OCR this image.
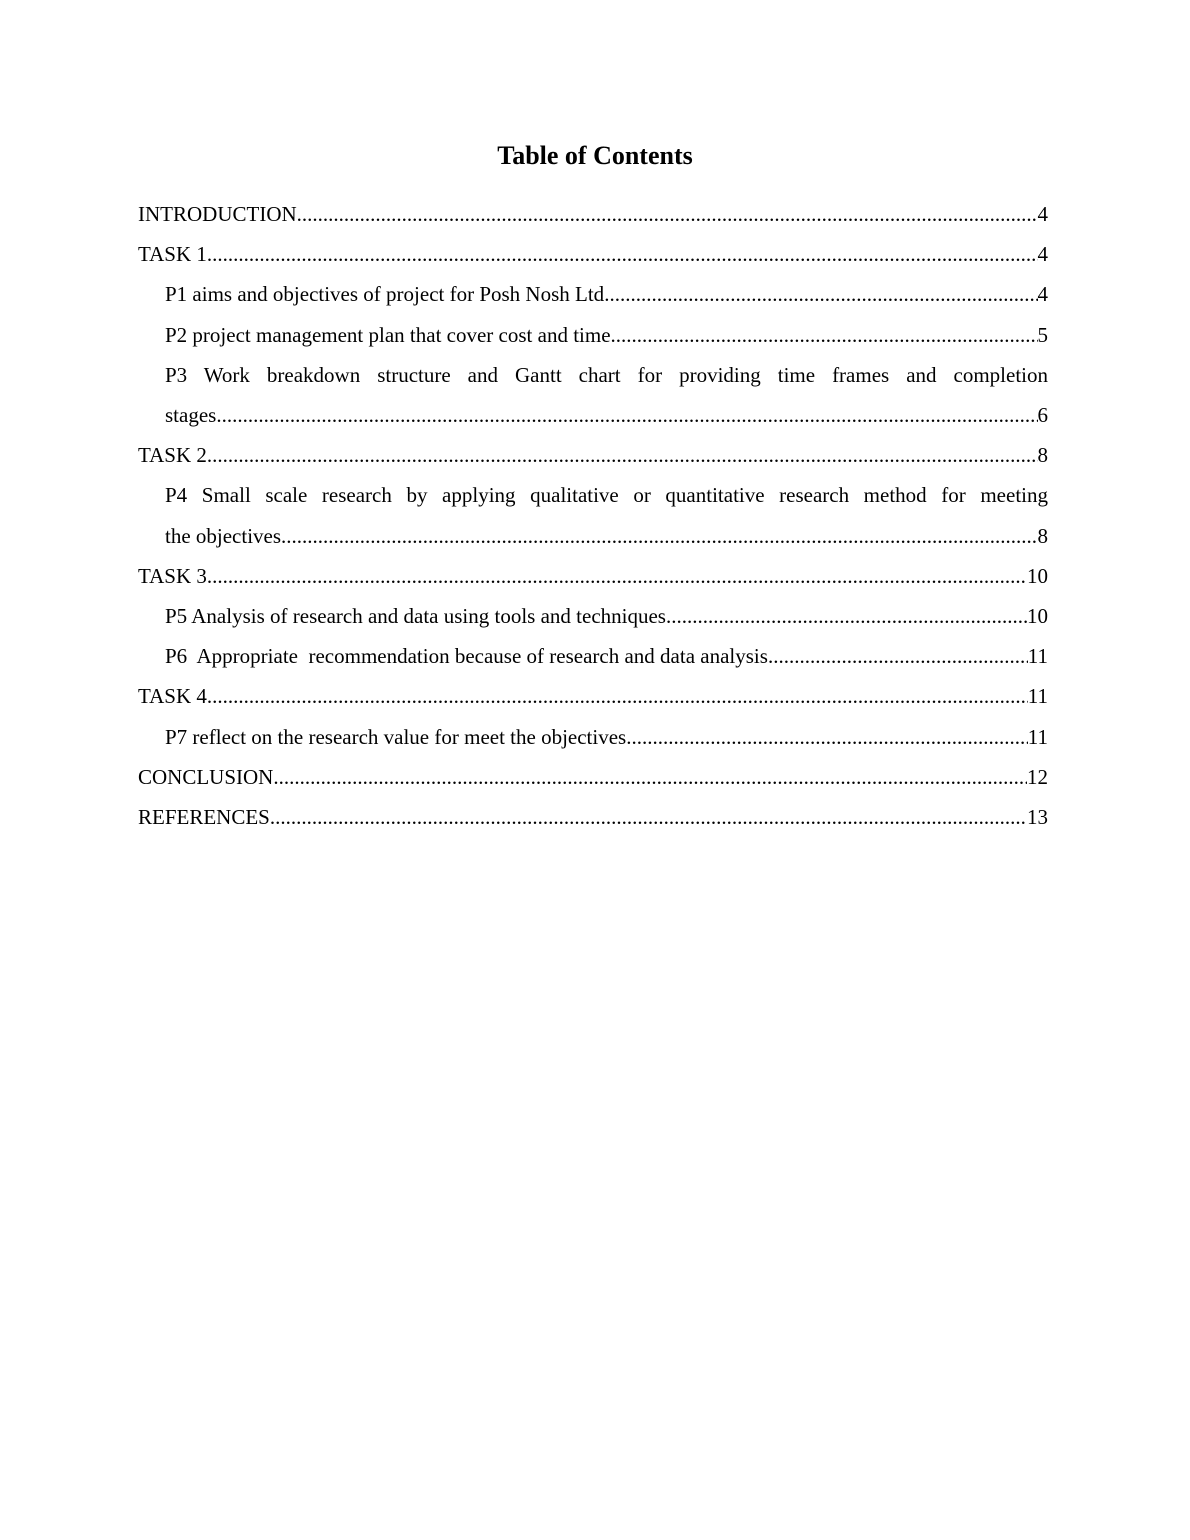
Table of Contents
INTRODUCTION .....	4
TASK 1 .....	4
P1 aims and objectives of project for Posh Nosh Ltd .....	4
P2 project management plan that cover cost and time .....	5
P3 Work breakdown structure and Gantt chart for providing time frames and completion
stages .....	6
TASK 2 .....	8
P4 Small scale research by applying qualitative or quantitative research method for meeting
the objectives .....	8
TASK 3 .....	10
P5 Analysis of research and data using tools and techniques .....	10
P6  Appropriate  recommendation because of research and data analysis .....	11
TASK 4 .....	11
P7 reflect on the research value for meet the objectives .....	11
CONCLUSION .....	12
REFERENCES .....	13
